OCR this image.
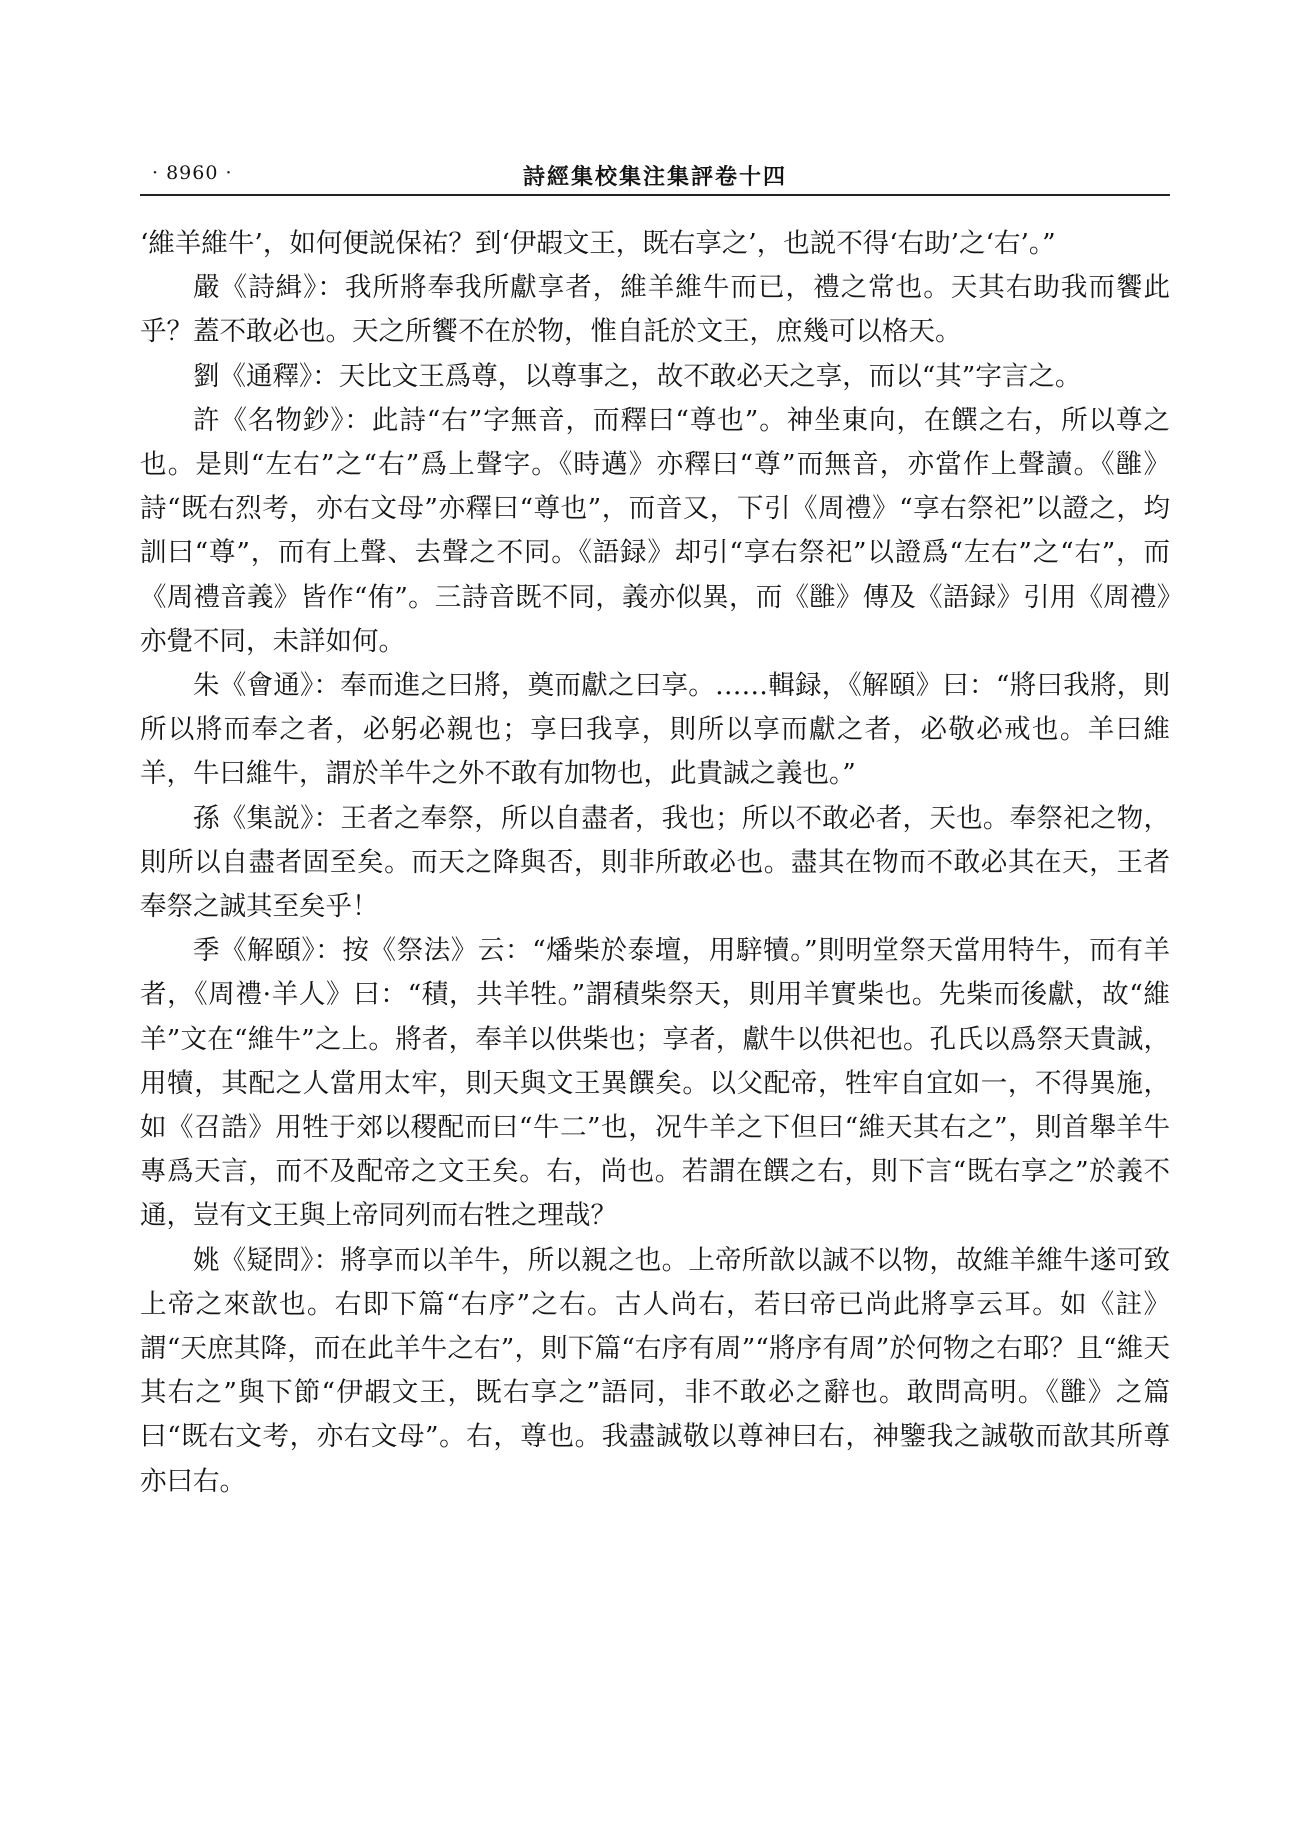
· 8960 ·	詩經集校集注集評卷十四

‘維羊維牛’，如何便説保祐？到‘伊嘏文王，既右享之’，也説不得‘右助’之‘右’。”

嚴《詩緝》：我所將奉我所獻享者，維羊維牛而已，禮之常也。天其右助我而饗此乎？蓋不敢必也。天之所饗不在於物，惟自託於文王，庶幾可以格天。

劉《通釋》：天比文王爲尊，以尊事之，故不敢必天之享，而以“其”字言之。

許《名物鈔》：此詩“右”字無音，而釋曰“尊也”。神坐東向，在饌之右，所以尊之也。是則“左右”之“右”爲上聲字。《時邁》亦釋曰“尊”而無音，亦當作上聲讀。《雝》詩“既右烈考，亦右文母”亦釋曰“尊也”，而音又，下引《周禮》“享右祭祀”以證之，均訓曰“尊”，而有上聲、去聲之不同。《語録》却引“享右祭祀”以證爲“左右”之“右”，而《周禮音義》皆作“侑”。三詩音既不同，義亦似異，而《雝》傳及《語録》引用《周禮》亦覺不同，未詳如何。

朱《會通》：奉而進之曰將，奠而獻之曰享。……輯録，《解頤》曰：“將曰我將，則所以將而奉之者，必躬必親也；享曰我享，則所以享而獻之者，必敬必戒也。羊曰維羊，牛曰維牛，謂於羊牛之外不敢有加物也，此貴誠之義也。”

孫《集説》：王者之奉祭，所以自盡者，我也；所以不敢必者，天也。奉祭祀之物，則所以自盡者固至矣。而天之降與否，則非所敢必也。盡其在物而不敢必其在天，王者奉祭之誠其至矣乎！

季《解頤》：按《祭法》云：“燔柴於泰壇，用騂犢。”則明堂祭天當用特牛，而有羊者，《周禮·羊人》曰：“積，共羊牲。”謂積柴祭天，則用羊實柴也。先柴而後獻，故“維羊”文在“維牛”之上。將者，奉羊以供柴也；享者，獻牛以供祀也。孔氏以爲祭天貴誠，用犢，其配之人當用太牢，則天與文王異饌矣。以父配帝，牲牢自宜如一，不得異施，如《召誥》用牲于郊以稷配而曰“牛二”也，况牛羊之下但曰“維天其右之”，則首舉羊牛專爲天言，而不及配帝之文王矣。右，尚也。若謂在饌之右，則下言“既右享之”於義不通，豈有文王與上帝同列而右牲之理哉？

姚《疑問》：將享而以羊牛，所以親之也。上帝所歆以誠不以物，故維羊維牛遂可致上帝之來歆也。右即下篇“右序”之右。古人尚右，若曰帝已尚此將享云耳。如《註》謂“天庶其降，而在此羊牛之右”，則下篇“右序有周”“將序有周”於何物之右耶？且“維天其右之”與下節“伊嘏文王，既右享之”語同，非不敢必之辭也。敢問高明。《雝》之篇曰“既右文考，亦右文母”。右，尊也。我盡誠敬以尊神曰右，神鑒我之誠敬而歆其所尊亦曰右。
